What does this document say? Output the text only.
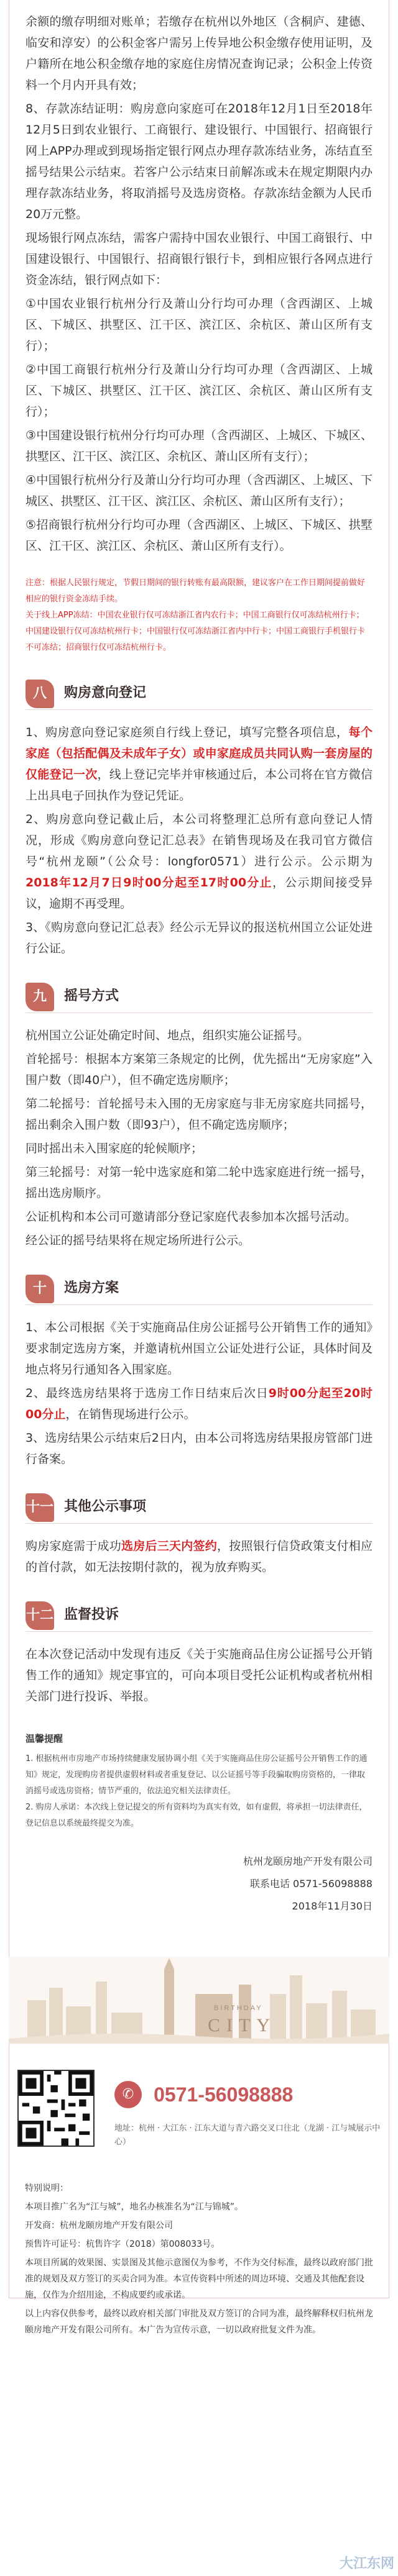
余额的缴存明细对账单；若缴存在杭州以外地区（含桐庐、建德、临安和淳安）的公积金客户需另上传异地公积金缴存使用证明，及户籍所在地公积金缴存地的家庭住房情况查询记录；公积金上传资料一个月内开具有效；

8、存款冻结证明：购房意向家庭可在2018年12月1日至2018年12月5日到农业银行、工商银行、建设银行、中国银行、招商银行网上APP办理或到现场指定银行网点办理存款冻结业务，冻结直至摇号结果公示结束。若客户公示结束日前解冻或未在规定期限内办理存款冻结业务，将取消摇号及选房资格。存款冻结金额为人民币20万元整。

现场银行网点冻结，需客户需持中国农业银行、中国工商银行、中国建设银行、中国银行、招商银行银行卡，到相应银行各网点进行资金冻结，银行网点如下：

①中国农业银行杭州分行及萧山分行均可办理（含西湖区、上城区、下城区、拱墅区、江干区、滨江区、余杭区、萧山区所有支行）；

②中国工商银行杭州分行及萧山分行均可办理（含西湖区、上城区、下城区、拱墅区、江干区、滨江区、余杭区、萧山区所有支行）；

③中国建设银行杭州分行均可办理（含西湖区、上城区、下城区、拱墅区、江干区、滨江区、余杭区、萧山区所有支行）；

④中国银行杭州分行及萧山分行均可办理（含西湖区、上城区、下城区、拱墅区、江干区、滨江区、余杭区、萧山区所有支行）；

⑤招商银行杭州分行均可办理（含西湖区、上城区、下城区、拱墅区、江干区、滨江区、余杭区、萧山区所有支行）。

注意：根据人民银行规定，节假日期间的银行转账有最高限额，建议客户在工作日期间提前做好相应的银行资金冻结手续。

关于线上APP冻结：中国农业银行仅可冻结浙江省内农行卡；中国工商银行仅可冻结杭州行卡；

中国建设银行仅可冻结杭州行卡；中国银行仅可冻结浙江省内中行卡；中国工商银行手机银行卡不可冻结；招商银行仅可冻结杭州行卡。

八	购房意向登记

1、购房意向登记家庭须自行线上登记，填写完整各项信息，每个家庭（包括配偶及未成年子女）或申家庭成员共同认购一套房屋的仅能登记一次，线上登记完毕并审核通过后，本公司将在官方微信上出具电子回执作为登记凭证。

2、购房意向登记截止后，本公司将整理汇总所有意向登记人情况，形成《购房意向登记汇总表》在销售现场及在我司官方微信号“杭州龙颐”（公众号：longfor0571）进行公示。公示期为2018年12月7日9时00分起至17时00分止，公示期间接受异议，逾期不再受理。

3、《购房意向登记汇总表》经公示无异议的报送杭州国立公证处进行公证。

九	摇号方式

杭州国立公证处确定时间、地点，组织实施公证摇号。

首轮摇号：根据本方案第三条规定的比例，优先摇出“无房家庭”入围户数（即40户），但不确定选房顺序；

第二轮摇号：首轮摇号未入围的无房家庭与非无房家庭共同摇号，摇出剩余入围户数（即93户），但不确定选房顺序；

同时摇出未入围家庭的轮候顺序；

第三轮摇号：对第一轮中选家庭和第二轮中选家庭进行统一摇号，摇出选房顺序。

公证机构和本公司可邀请部分登记家庭代表参加本次摇号活动。

经公证的摇号结果将在规定场所进行公示。

十	选房方案

1、本公司根据《关于实施商品住房公证摇号公开销售工作的通知》要求制定选房方案，并邀请杭州国立公证处进行公证，具体时间及地点将另行通知各入围家庭。

2、最终选房结果将于选房工作日结束后次日9时00分起至20时00分止，在销售现场进行公示。

3、选房结果公示结束后2日内，由本公司将选房结果报房管部门进行备案。

十一 其他公示事项

购房家庭需于成功选房后三天内签约，按照银行信贷政策支付相应的首付款，如无法按期付款的，视为放弃购买。

十二 监督投诉

在本次登记活动中发现有违反《关于实施商品住房公证摇号公开销售工作的通知》规定事宜的，可向本项目受托公证机构或者杭州相关部门进行投诉、举报。

温馨提醒

1. 根据杭州市房地产市场持续健康发展协调小组《关于实施商品住房公证摇号公开销售工作的通知》规定，发现购房者提供虚假材料或者重复登记、以公证摇号等手段骗取购房资格的，一律取消摇号或选房资格；情节严重的，依法追究相关法律责任。

2. 购房人承诺：本次线上登记提交的所有资料均为真实有效，如有虚假，将承担一切法律责任，登记信息以系统最终提交为准。

杭州龙颐房地产开发有限公司

联系电话 0571-56098888

2018年11月30日

BIRTHDAY
CITY
✆ 0571-56098888
地址：杭州 · 大江东 · 江东大道与青六路交叉口往北（龙湖 · 江与城展示中心）

特别说明：

本项目推广名为“江与城”，地名办核准名为“江与锦城”。

开发商：杭州龙颐房地产开发有限公司

预售许可证号：杭售许字（2018）第008033号。

本项目所属的效果图、实景图及其他示意图仅为参考，不作为交付标准，最终以政府部门批准的规划及双方签订的买卖合同为准。本宣传资料中所述的周边环境、交通及其他配套设施，仅作为介绍用途，不构成要约或承诺。

以上内容仅供参考，最终以政府相关部门审批及双方签订的合同为准，最终解释权归杭州龙颐房地产开发有限公司所有。本广告为宣传示意，一切以政府批复文件为准。

大江东网
